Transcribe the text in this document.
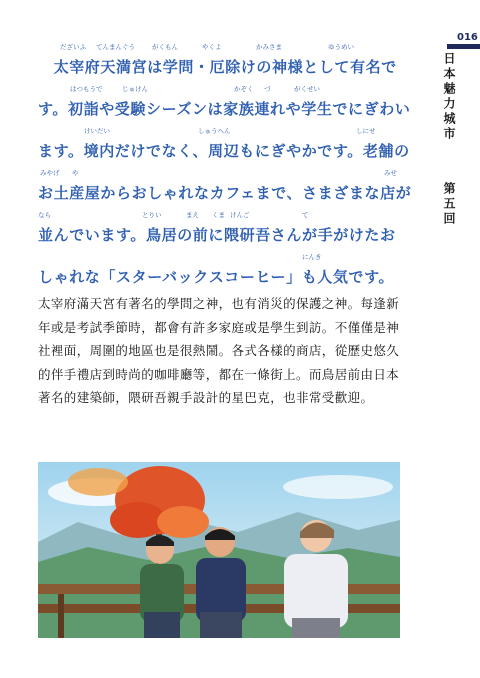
016
日本魅力城市
第五回
だざいふ てんまんぐう	がくもん	やくよ	かみさま	ゆうめい
　太宰府天満宮は学問・厄除けの神様として有名で
はつもうで	じゅけん	かぞく づ	がくせい
す。初詣や受験シーズンは家族連れや学生でにぎわい
けいだい	しゅうへん	しにせ
ます。境内だけでなく、周辺もにぎやかです。老舗の
みやげ や	みせ
お土産屋からおしゃれなカフェまで、さまざまな店が
なら	とりい	まえ くま けんご	て
並んでいます。鳥居の前に隈研吾さんが手がけたお
にんき
しゃれな「スターバックスコーヒー」も人気です。

太宰府滿天宮有著名的學問之神，也有消災的保護之神。每逢新年或是考試季節時，都會有許多家庭或是學生到訪。不僅僅是神社裡面，周圍的地區也是很熱鬧。各式各樣的商店，從歷史悠久的伴手禮店到時尚的咖啡廳等，都在一條街上。而鳥居前由日本著名的建築師，隈研吾親手設計的星巴克，也非常受歡迎。
